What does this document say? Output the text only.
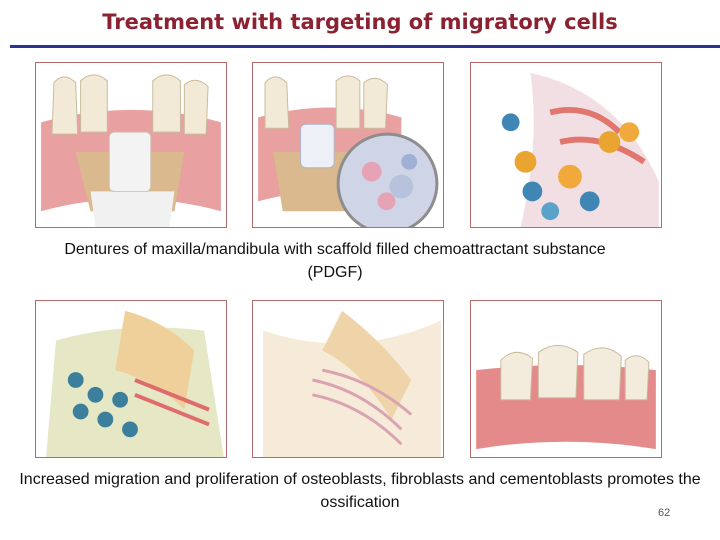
Treatment with targeting of migratory cells
Dentures of maxilla/mandibula with scaffold filled chemoattractant substance (PDGF)
Increased migration and proliferation of osteoblasts, fibroblasts and cementoblasts promotes the ossification
62
